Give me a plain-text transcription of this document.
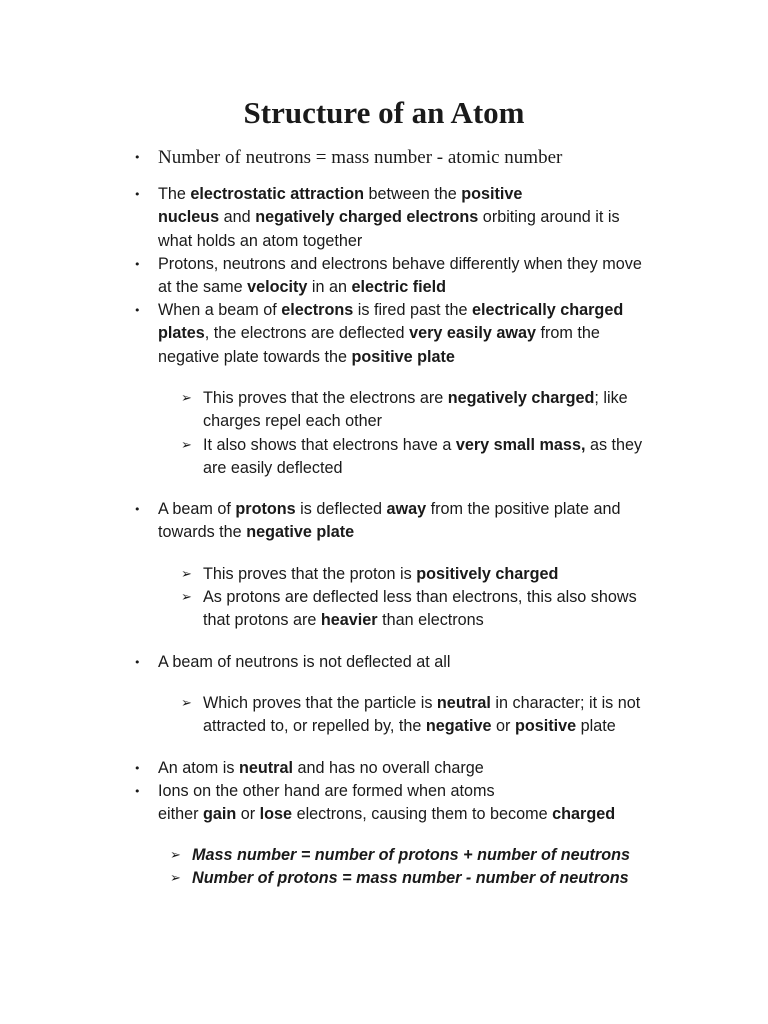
Structure of an Atom
• Number of neutrons = mass number - atomic number
• The electrostatic attraction between the positive
nucleus and negatively charged electrons orbiting around it is
what holds an atom together
• Protons, neutrons and electrons behave differently when they move
at the same velocity in an electric field
• When a beam of electrons is fired past the electrically charged
plates, the electrons are deflected very easily away from the
negative plate towards the positive plate
➢ This proves that the electrons are negatively charged; like
charges repel each other
➢ It also shows that electrons have a very small mass, as they
are easily deflected
• A beam of protons is deflected away from the positive plate and
towards the negative plate
➢ This proves that the proton is positively charged
➢ As protons are deflected less than electrons, this also shows
that protons are heavier than electrons
• A beam of neutrons is not deflected at all
➢ Which proves that the particle is neutral in character; it is not
attracted to, or repelled by, the negative or positive plate
• An atom is neutral and has no overall charge
• Ions on the other hand are formed when atoms
either gain or lose electrons, causing them to become charged
➢ Mass number = number of protons + number of neutrons
➢ Number of protons = mass number - number of neutrons
